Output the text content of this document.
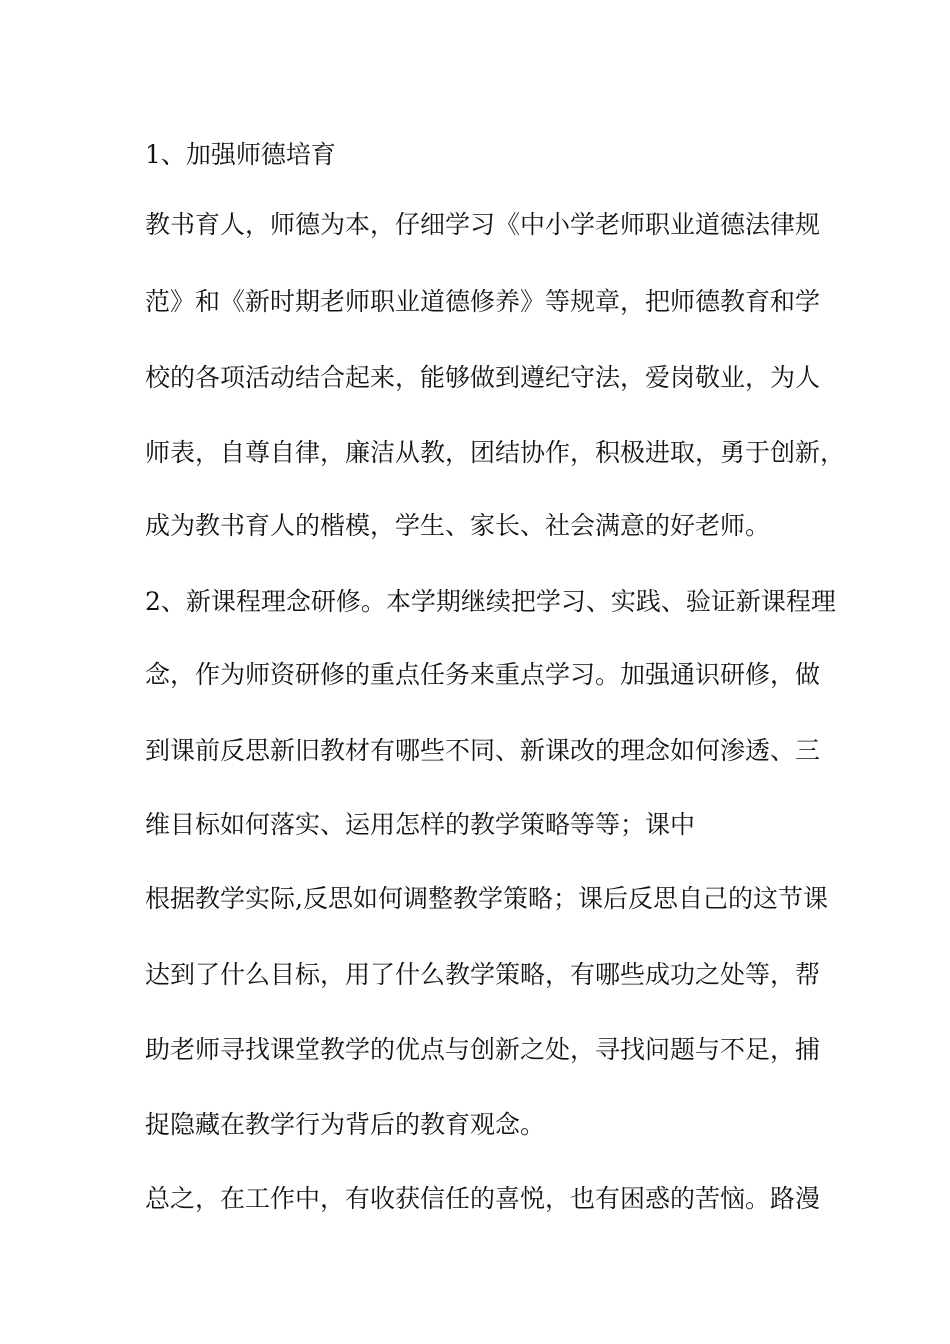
1、加强师德培育

教书育人，师德为本，仔细学习《中小学老师职业道德法律规

范》和《新时期老师职业道德修养》等规章，把师德教育和学

校的各项活动结合起来，能够做到遵纪守法，爱岗敬业，为人

师表，自尊自律，廉洁从教，团结协作，积极进取，勇于创新，

成为教书育人的楷模，学生、家长、社会满意的好老师。

2、新课程理念研修。本学期继续把学习、实践、验证新课程理

念，作为师资研修的重点任务来重点学习。加强通识研修，做

到课前反思新旧教材有哪些不同、新课改的理念如何渗透、三

维目标如何落实、运用怎样的教学策略等等；课中

根据教学实际,反思如何调整教学策略；课后反思自己的这节课

达到了什么目标，用了什么教学策略，有哪些成功之处等，帮

助老师寻找课堂教学的优点与创新之处，寻找问题与不足，捕

捉隐藏在教学行为背后的教育观念。

总之，在工作中，有收获信任的喜悦，也有困惑的苦恼。路漫
